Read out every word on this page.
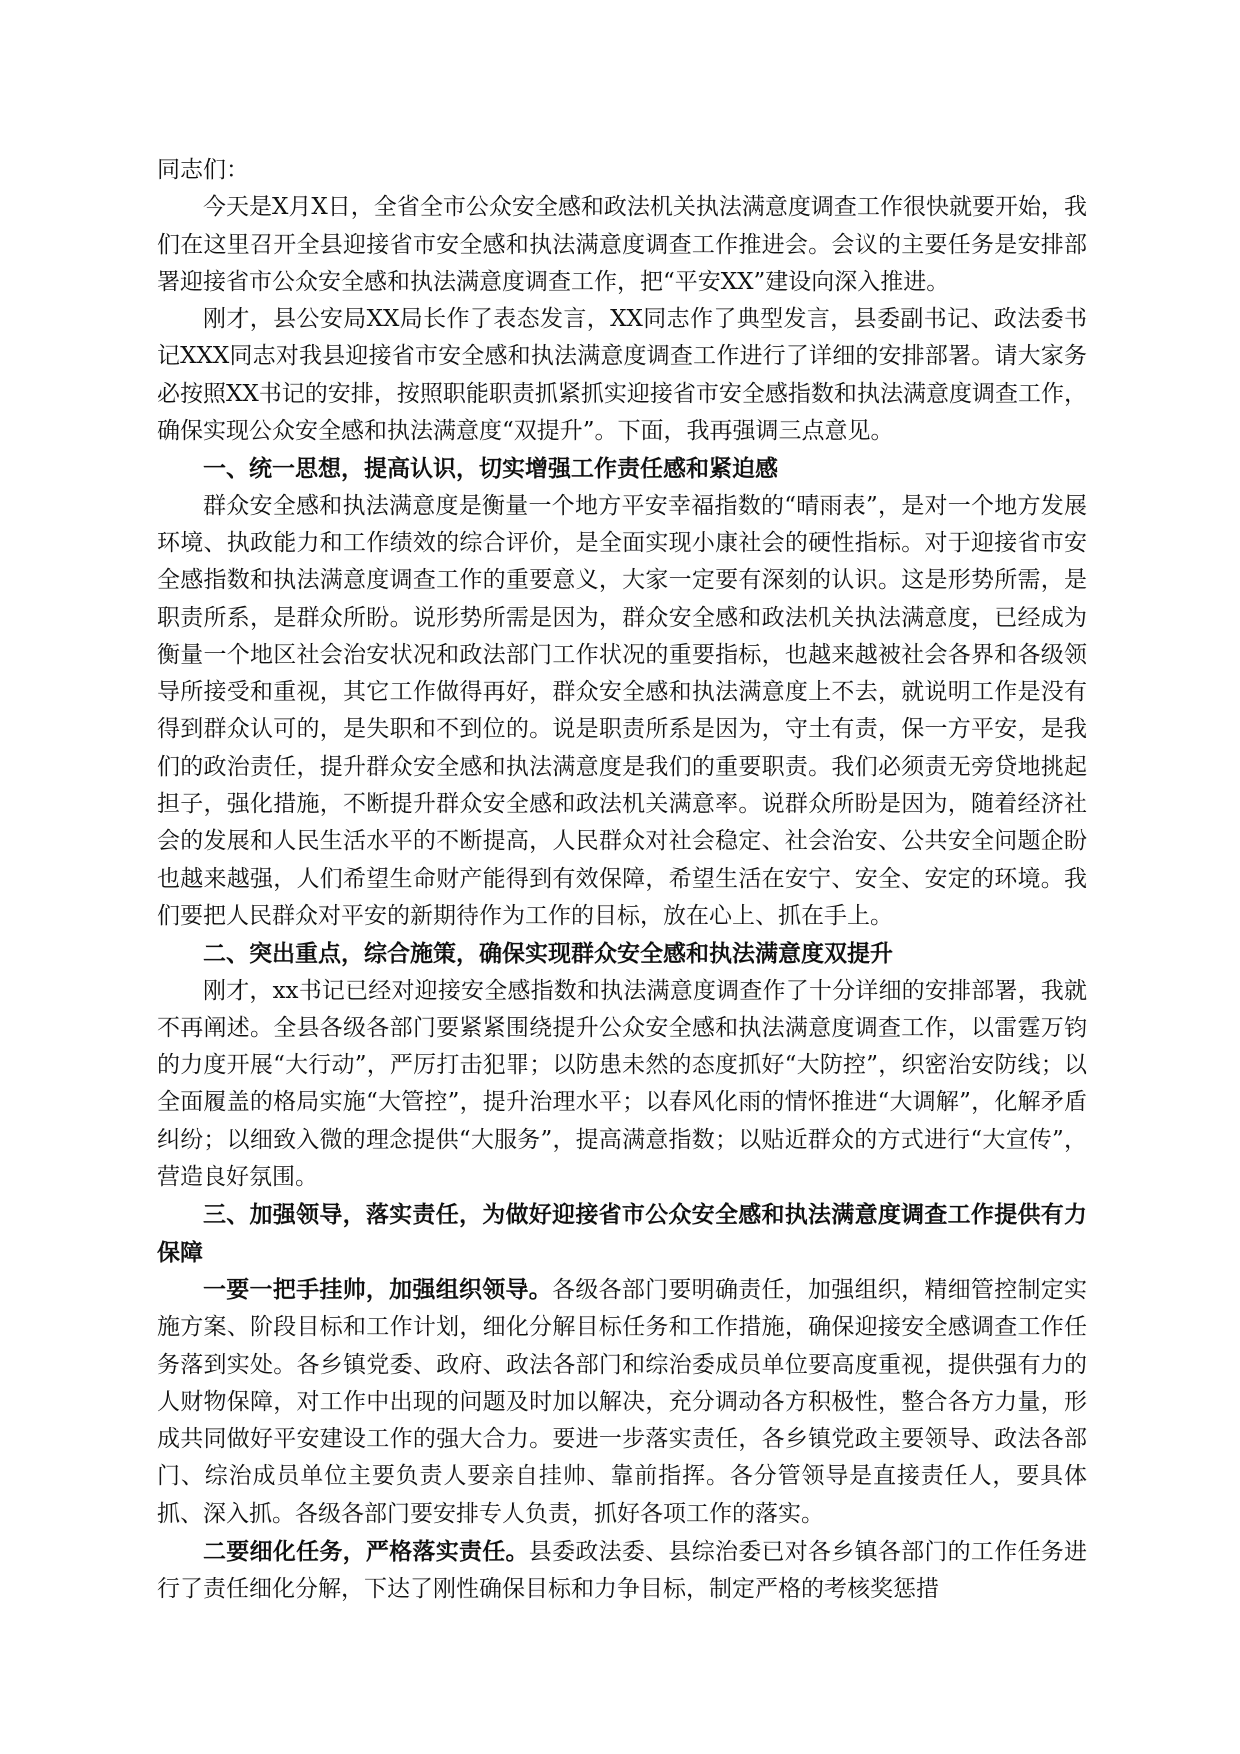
同志们：

今天是X月X日，全省全市公众安全感和政法机关执法满意度调查工作很快就要开始，我们在这里召开全县迎接省市安全感和执法满意度调查工作推进会。会议的主要任务是安排部署迎接省市公众安全感和执法满意度调查工作，把“平安XX”建设向深入推进。

刚才，县公安局XX局长作了表态发言，XX同志作了典型发言，县委副书记、政法委书记XXX同志对我县迎接省市安全感和执法满意度调查工作进行了详细的安排部署。请大家务必按照XX书记的安排，按照职能职责抓紧抓实迎接省市安全感指数和执法满意度调查工作，确保实现公众安全感和执法满意度“双提升”。下面，我再强调三点意见。

一、统一思想，提高认识，切实增强工作责任感和紧迫感

群众安全感和执法满意度是衡量一个地方平安幸福指数的“晴雨表”，是对一个地方发展环境、执政能力和工作绩效的综合评价，是全面实现小康社会的硬性指标。对于迎接省市安全感指数和执法满意度调查工作的重要意义，大家一定要有深刻的认识。这是形势所需，是职责所系，是群众所盼。说形势所需是因为，群众安全感和政法机关执法满意度，已经成为衡量一个地区社会治安状况和政法部门工作状况的重要指标，也越来越被社会各界和各级领导所接受和重视，其它工作做得再好，群众安全感和执法满意度上不去，就说明工作是没有得到群众认可的，是失职和不到位的。说是职责所系是因为，守土有责，保一方平安，是我们的政治责任，提升群众安全感和执法满意度是我们的重要职责。我们必须责无旁贷地挑起担子，强化措施，不断提升群众安全感和政法机关满意率。说群众所盼是因为，随着经济社会的发展和人民生活水平的不断提高，人民群众对社会稳定、社会治安、公共安全问题企盼也越来越强，人们希望生命财产能得到有效保障，希望生活在安宁、安全、安定的环境。我们要把人民群众对平安的新期待作为工作的目标，放在心上、抓在手上。

二、突出重点，综合施策，确保实现群众安全感和执法满意度双提升

刚才，xx书记已经对迎接安全感指数和执法满意度调查作了十分详细的安排部署，我就不再阐述。全县各级各部门要紧紧围绕提升公众安全感和执法满意度调查工作，以雷霆万钧的力度开展“大行动”，严厉打击犯罪；以防患未然的态度抓好“大防控”，织密治安防线；以全面履盖的格局实施“大管控”，提升治理水平；以春风化雨的情怀推进“大调解”，化解矛盾纠纷；以细致入微的理念提供“大服务”，提高满意指数；以贴近群众的方式进行“大宣传”，营造良好氛围。

三、加强领导，落实责任，为做好迎接省市公众安全感和执法满意度调查工作提供有力保障

一要一把手挂帅，加强组织领导。各级各部门要明确责任，加强组织，精细管控制定实施方案、阶段目标和工作计划，细化分解目标任务和工作措施，确保迎接安全感调查工作任务落到实处。各乡镇党委、政府、政法各部门和综治委成员单位要高度重视，提供强有力的人财物保障，对工作中出现的问题及时加以解决，充分调动各方积极性，整合各方力量，形成共同做好平安建设工作的强大合力。要进一步落实责任，各乡镇党政主要领导、政法各部门、综治成员单位主要负责人要亲自挂帅、靠前指挥。各分管领导是直接责任人，要具体抓、深入抓。各级各部门要安排专人负责，抓好各项工作的落实。

二要细化任务，严格落实责任。县委政法委、县综治委已对各乡镇各部门的工作任务进行了责任细化分解，下达了刚性确保目标和力争目标，制定严格的考核奖惩措
